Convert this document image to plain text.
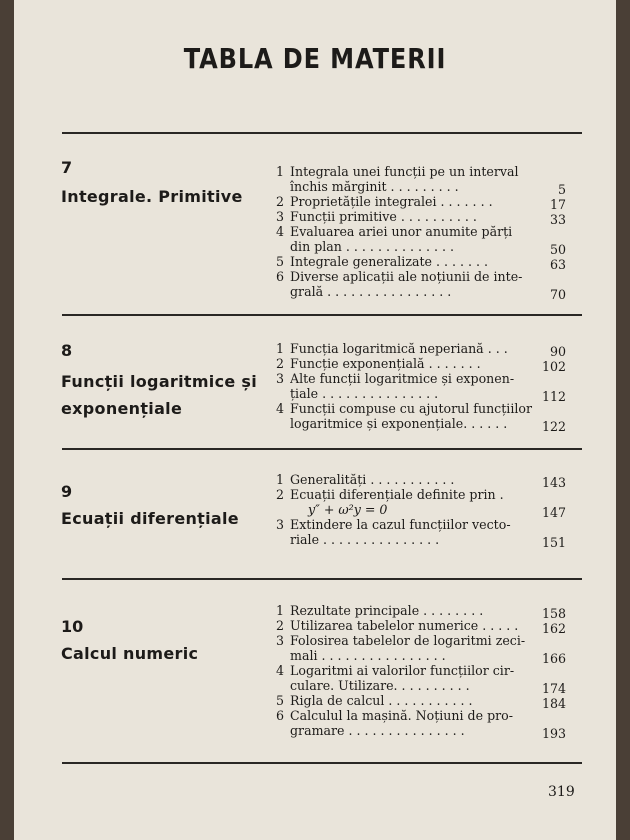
TABLA DE MATERII
7
Integrale. Primitive
1 Integrala unei funcții pe un interval
închis mărginit . . . . . . . . .	5
2 Proprietățile integralei . . . . . . .	17
3 Funcții primitive . . . . . . . . . .	33
4 Evaluarea ariei unor anumite părți
din plan . . . . . . . . . . . . . .	50
5 Integrale generalizate . . . . . . .	63
6 Diverse aplicații ale noțiunii de inte-
grală . . . . . . . . . . . . . . . .	70
8
Funcții logaritmice și exponențiale
1 Funcția logaritmică neperiană . . .	90
2 Funcție exponențială . . . . . . .	102
3 Alte funcții logaritmice și exponen-
țiale . . . . . . . . . . . . . . .	112
4 Funcții compuse cu ajutorul funcțiilor
logaritmice și exponențiale. . . . . .	122
9
Ecuații diferențiale
1 Generalități . . . . . . . . . . .	143
2 Ecuații diferențiale definite prin .
y″ + ω²y = 0	147
3 Extindere la cazul funcțiilor vecto-
riale . . . . . . . . . . . . . . .	151
10
Calcul numeric
1 Rezultate principale . . . . . . . .	158
2 Utilizarea tabelelor numerice . . . . .	162
3 Folosirea tabelelor de logaritmi zeci-
mali . . . . . . . . . . . . . . . .	166
4 Logaritmi ai valorilor funcțiilor cir-
culare. Utilizare. . . . . . . . . .	174
5 Rigla de calcul . . . . . . . . . . .	184
6 Calculul la mașină. Noțiuni de pro-
gramare . . . . . . . . . . . . . . .	193
319
